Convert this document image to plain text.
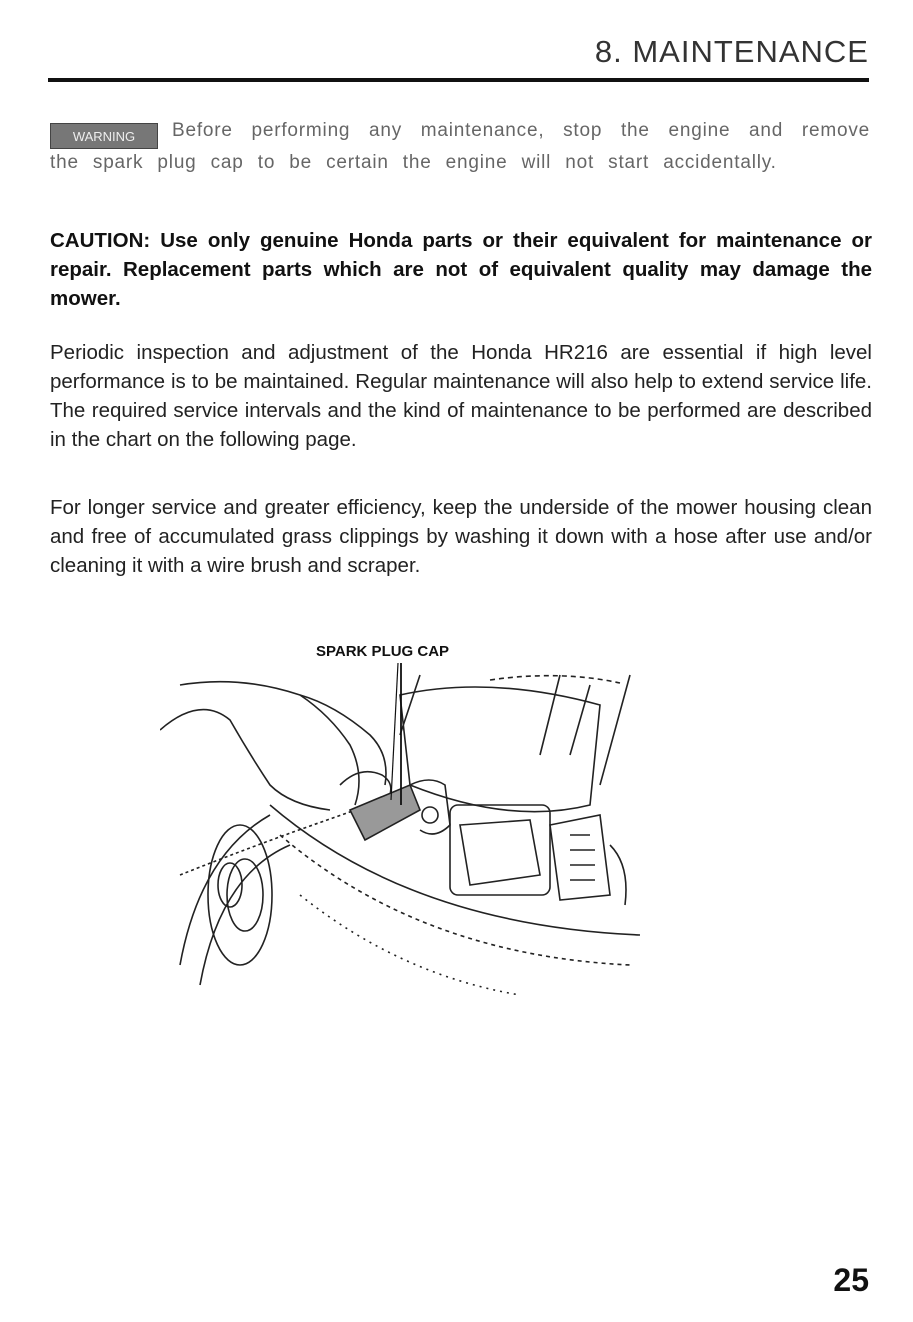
8. MAINTENANCE
WARNING Before performing any maintenance, stop the engine and remove the spark plug cap to be certain the engine will not start accidentally.
CAUTION: Use only genuine Honda parts or their equivalent for maintenance or repair. Replacement parts which are not of equivalent quality may damage the mower.
Periodic inspection and adjustment of the Honda HR216 are essential if high level performance is to be maintained. Regular maintenance will also help to extend service life. The required service intervals and the kind of maintenance to be performed are described in the chart on the following page.
For longer service and greater efficiency, keep the underside of the mower housing clean and free of accumulated grass clippings by washing it down with a hose after use and/or cleaning it with a wire brush and scraper.
SPARK PLUG CAP
25
